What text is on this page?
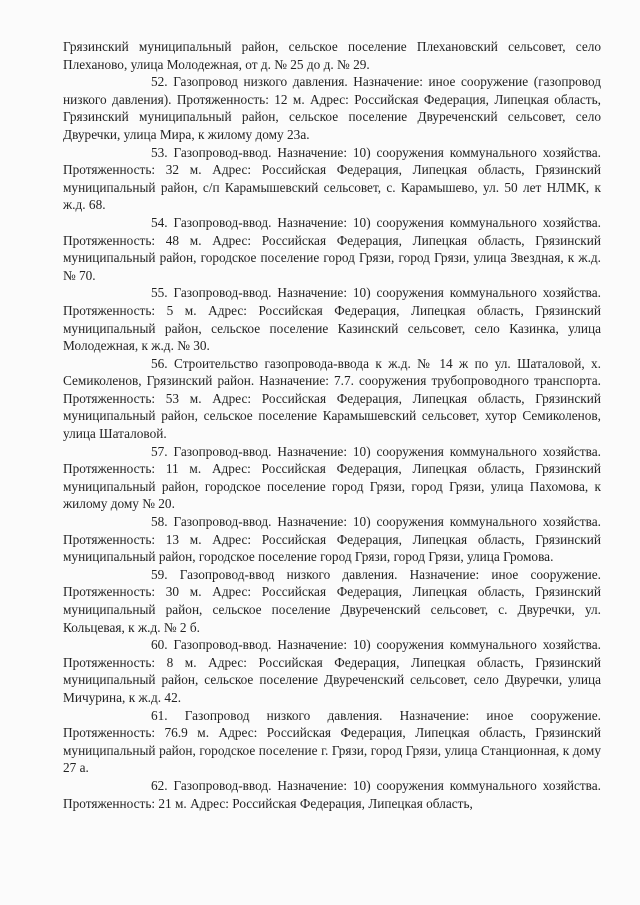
Грязинский муниципальный район, сельское поселение Плехановский сельсовет, село Плеханово, улица Молодежная, от д. № 25 до д. № 29.

52. Газопровод низкого давления. Назначение: иное сооружение (газопровод низкого давления). Протяженность: 12 м. Адрес: Российская Федерация, Липецкая область, Грязинский муниципальный район, сельское поселение Двуреченский сельсовет, село Двуречки, улица Мира, к жилому дому 23а.

53. Газопровод-ввод. Назначение: 10) сооружения коммунального хозяйства. Протяженность: 32 м. Адрес: Российская Федерация, Липецкая область, Грязинский муниципальный район, с/п Карамышевский сельсовет, с. Карамышево, ул. 50 лет НЛМК, к ж.д. 68.

54. Газопровод-ввод. Назначение: 10) сооружения коммунального хозяйства. Протяженность: 48 м. Адрес: Российская Федерация, Липецкая область, Грязинский муниципальный район, городское поселение город Грязи, город Грязи, улица Звездная, к ж.д. № 70.

55. Газопровод-ввод. Назначение: 10) сооружения коммунального хозяйства. Протяженность: 5 м. Адрес: Российская Федерация, Липецкая область, Грязинский муниципальный район, сельское поселение Казинский сельсовет, село Казинка, улица Молодежная, к ж.д. № 30.

56. Строительство газопровода-ввода к ж.д. № 14 ж по ул. Шаталовой, х. Семиколенов, Грязинский район. Назначение: 7.7. сооружения трубопроводного транспорта. Протяженность: 53 м. Адрес: Российская Федерация, Липецкая область, Грязинский муниципальный район, сельское поселение Карамышевский сельсовет, хутор Семиколенов, улица Шаталовой.

57. Газопровод-ввод. Назначение: 10) сооружения коммунального хозяйства. Протяженность: 11 м. Адрес: Российская Федерация, Липецкая область, Грязинский муниципальный район, городское поселение город Грязи, город Грязи, улица Пахомова, к жилому дому № 20.

58. Газопровод-ввод. Назначение: 10) сооружения коммунального хозяйства. Протяженность: 13 м. Адрес: Российская Федерация, Липецкая область, Грязинский муниципальный район, городское поселение город Грязи, город Грязи, улица Громова.

59. Газопровод-ввод низкого давления. Назначение: иное сооружение. Протяженность: 30 м. Адрес: Российская Федерация, Липецкая область, Грязинский муниципальный район, сельское поселение Двуреченский сельсовет, с. Двуречки, ул. Кольцевая, к ж.д. № 2 б.

60. Газопровод-ввод. Назначение: 10) сооружения коммунального хозяйства. Протяженность: 8 м. Адрес: Российская Федерация, Липецкая область, Грязинский муниципальный район, сельское поселение Двуреченский сельсовет, село Двуречки, улица Мичурина, к ж.д. 42.

61. Газопровод низкого давления. Назначение: иное сооружение. Протяженность: 76.9 м. Адрес: Российская Федерация, Липецкая область, Грязинский муниципальный район, городское поселение г. Грязи, город Грязи, улица Станционная, к дому 27 а.

62. Газопровод-ввод. Назначение: 10) сооружения коммунального хозяйства. Протяженность: 21 м. Адрес: Российская Федерация, Липецкая область,
